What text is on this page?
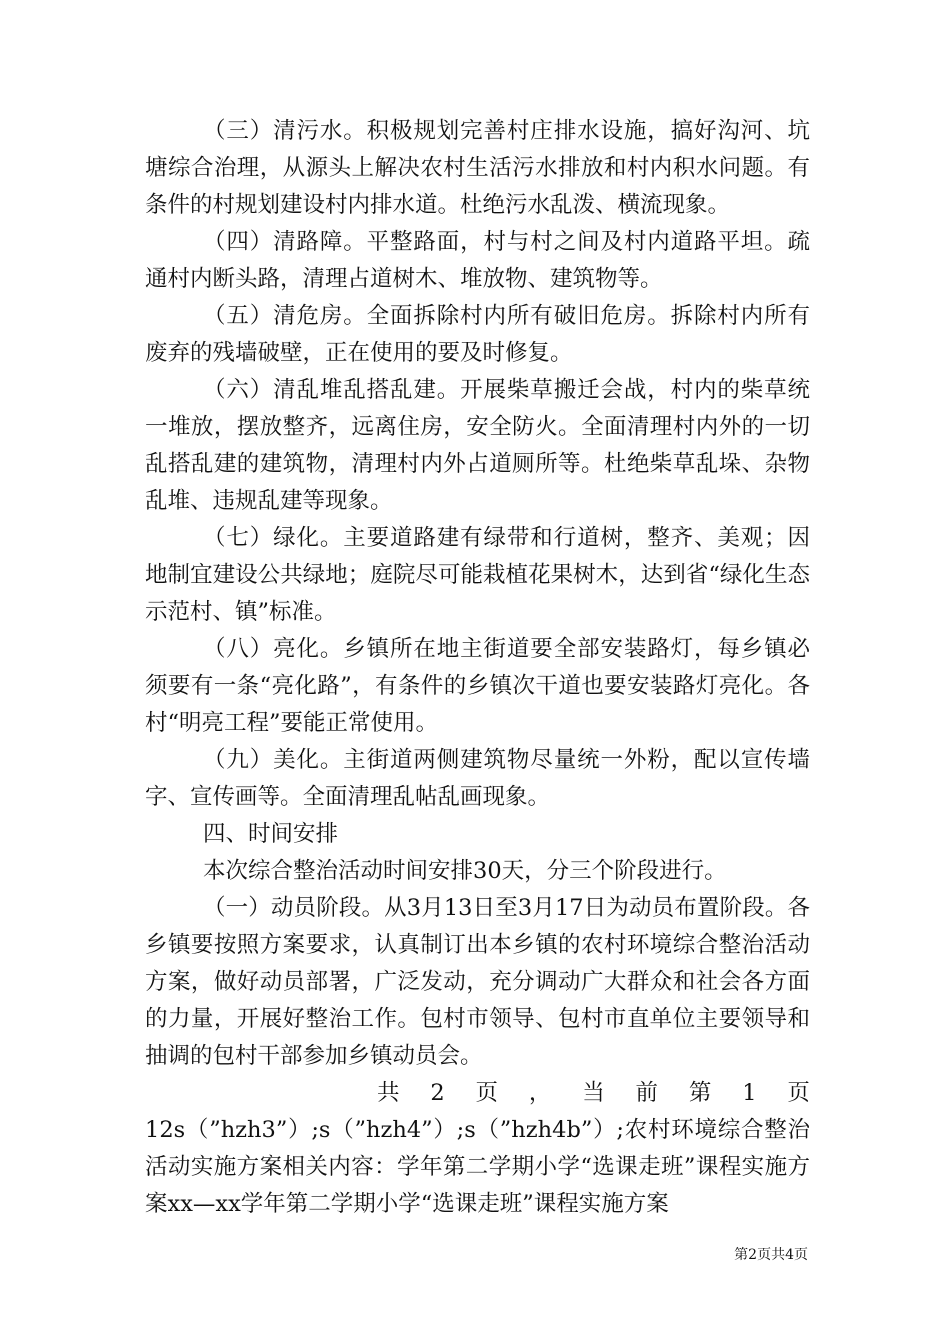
（三）清污水。积极规划完善村庄排水设施，搞好沟河、坑塘综合治理，从源头上解决农村生活污水排放和村内积水问题。有条件的村规划建设村内排水道。杜绝污水乱泼、横流现象。

（四）清路障。平整路面，村与村之间及村内道路平坦。疏通村内断头路，清理占道树木、堆放物、建筑物等。

（五）清危房。全面拆除村内所有破旧危房。拆除村内所有废弃的残墙破壁，正在使用的要及时修复。

（六）清乱堆乱搭乱建。开展柴草搬迁会战，村内的柴草统一堆放，摆放整齐，远离住房，安全防火。全面清理村内外的一切乱搭乱建的建筑物，清理村内外占道厕所等。杜绝柴草乱垛、杂物乱堆、违规乱建等现象。

（七）绿化。主要道路建有绿带和行道树，整齐、美观；因地制宜建设公共绿地；庭院尽可能栽植花果树木，达到省“绿化生态示范村、镇”标准。

（八）亮化。乡镇所在地主街道要全部安装路灯，每乡镇必须要有一条“亮化路”，有条件的乡镇次干道也要安装路灯亮化。各村“明亮工程”要能正常使用。

（九）美化。主街道两侧建筑物尽量统一外粉，配以宣传墙字、宣传画等。全面清理乱帖乱画现象。

四、时间安排

本次综合整治活动时间安排30天，分三个阶段进行。

（一）动员阶段。从3月13日至3月17日为动员布置阶段。各乡镇要按照方案要求，认真制订出本乡镇的农村环境综合整治活动方案，做好动员部署，广泛发动，充分调动广大群众和社会各方面的力量，开展好整治工作。包村市领导、包村市直单位主要领导和抽调的包村干部参加乡镇动员会。

共 2 页 ， 当 前 第 1 页

12s（”hzh3”）;s（”hzh4”）;s（”hzh4b”）;农村环境综合整治活动实施方案相关内容：学年第二学期小学“选课走班”课程实施方案xx—xx学年第二学期小学“选课走班”课程实施方案

第2页共4页
